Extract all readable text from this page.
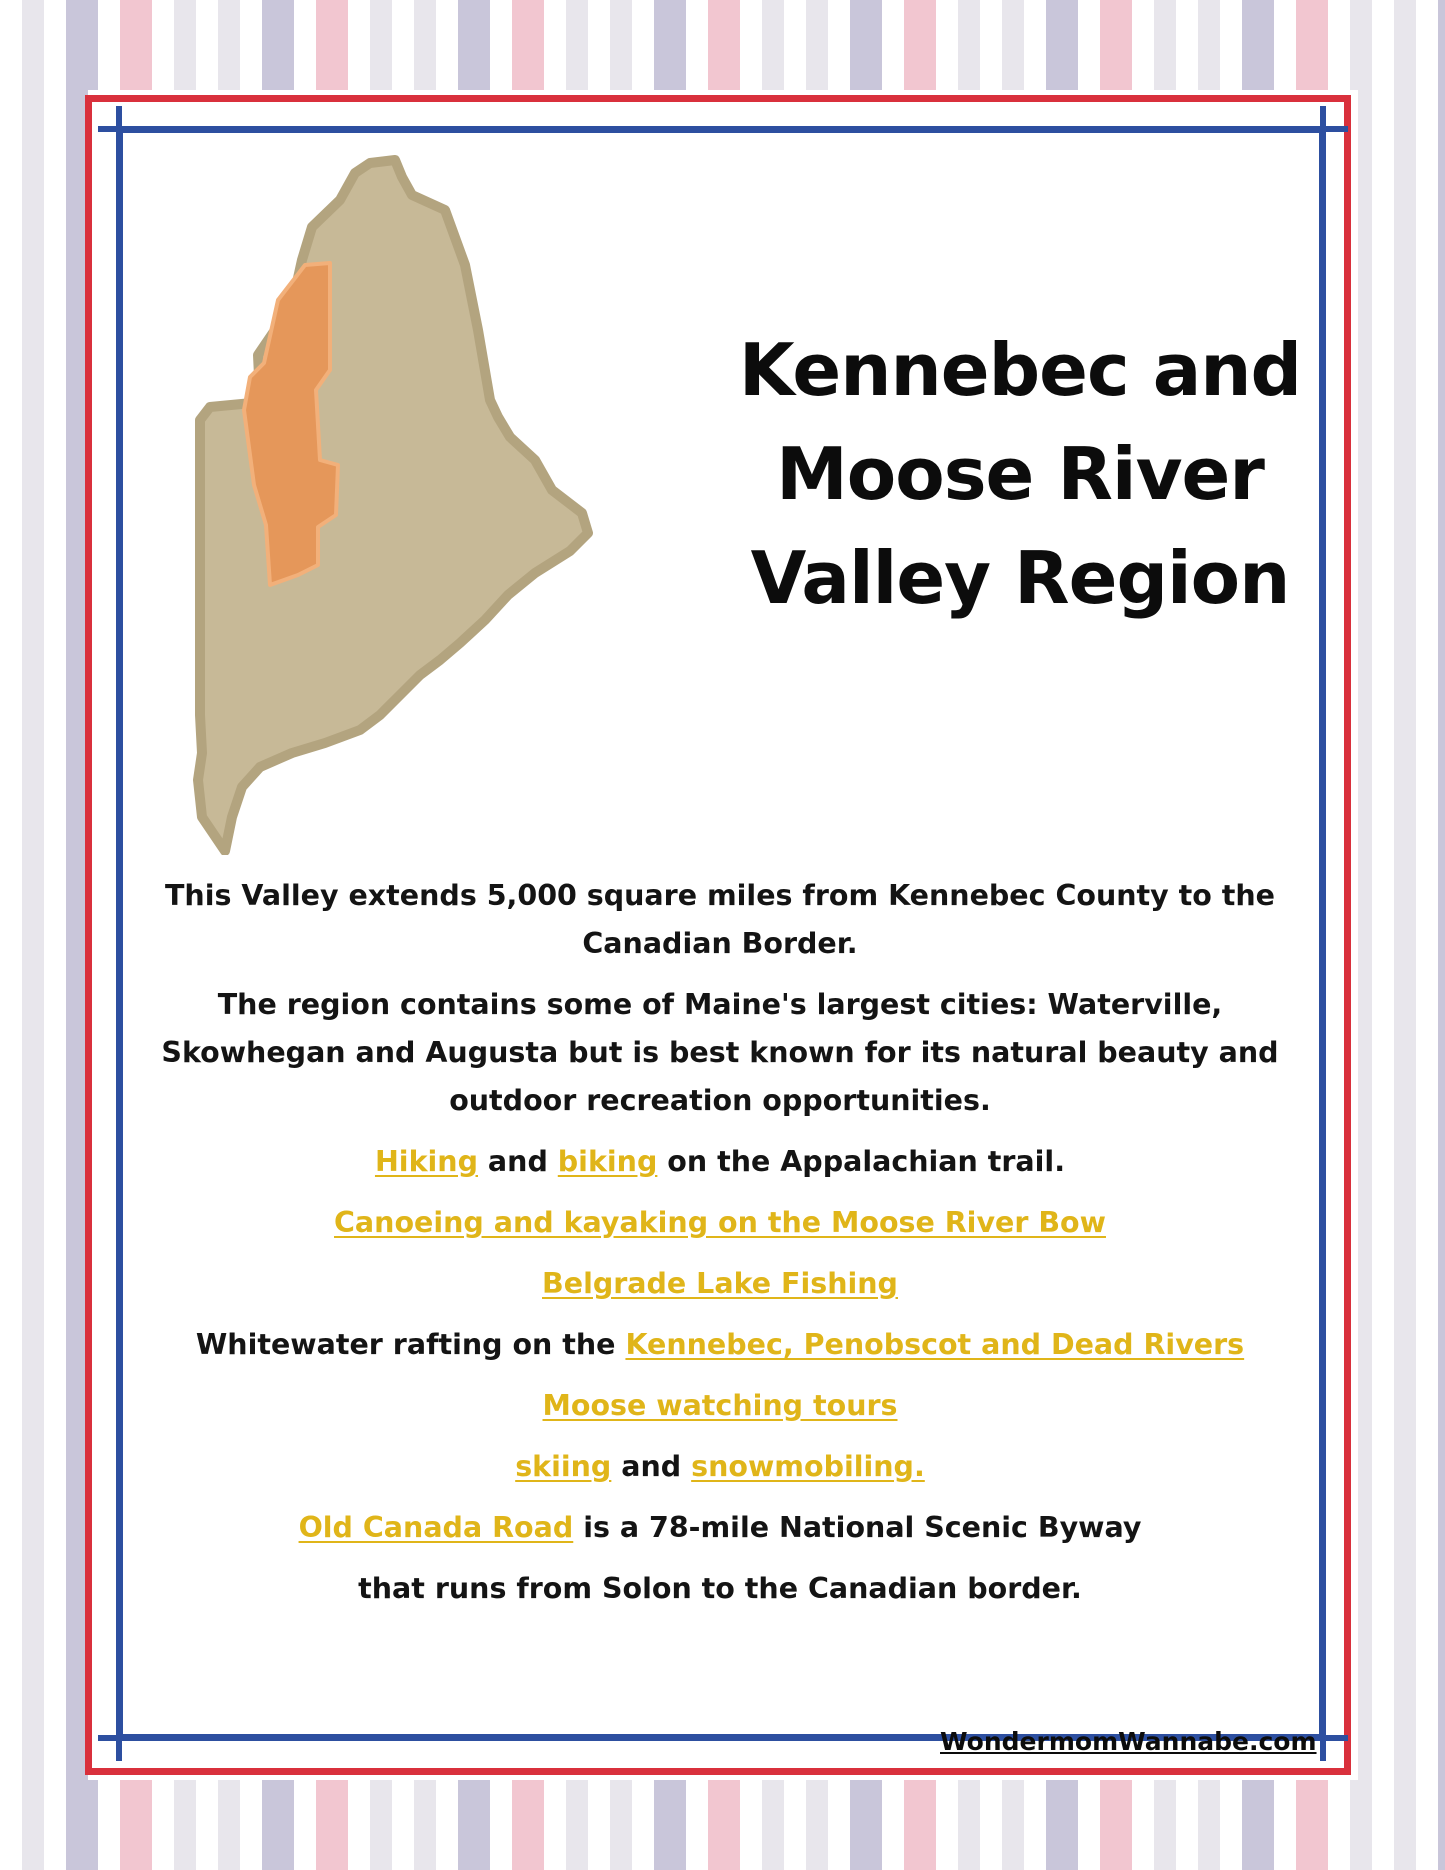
Kennebec and
Moose River
Valley Region

This Valley extends 5,000 square miles from Kennebec County to the Canadian Border.

The region contains some of Maine's largest cities: Waterville, Skowhegan and Augusta but is best known for its natural beauty and outdoor recreation opportunities.

Hiking and biking on the Appalachian trail.

Canoeing and kayaking on the Moose River Bow

Belgrade Lake Fishing

Whitewater rafting on the Kennebec, Penobscot and Dead Rivers

Moose watching tours

skiing and snowmobiling.

Old Canada Road is a 78-mile National Scenic Byway

that runs from Solon to the Canadian border.

WondermomWannabe.com
